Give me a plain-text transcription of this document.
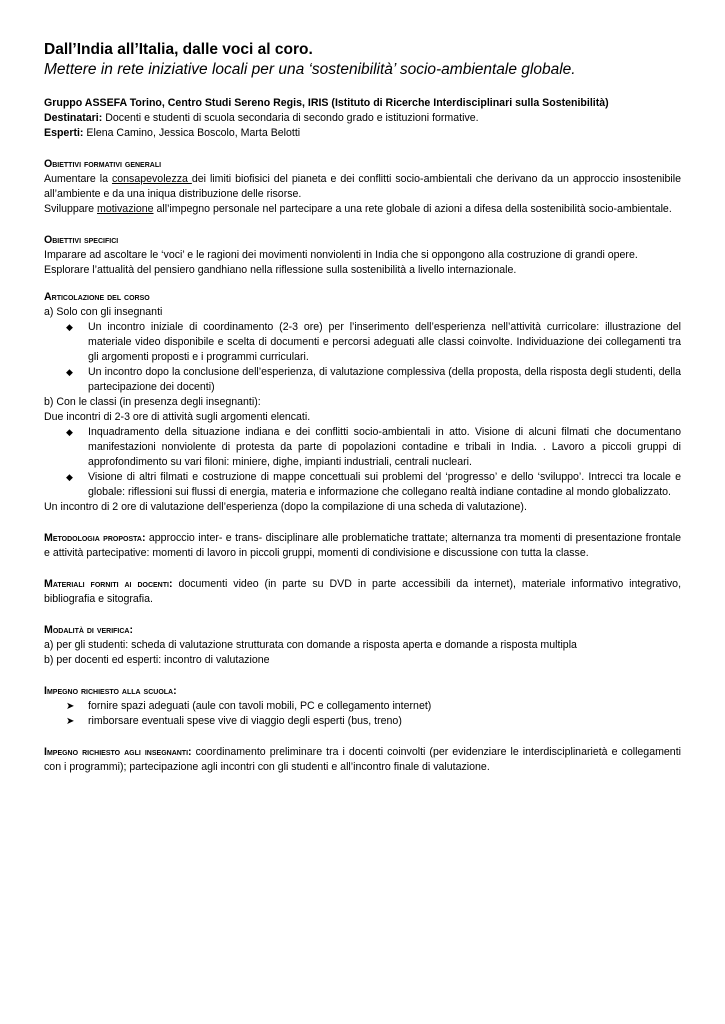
Dall’India all’Italia, dalle voci al coro.

Mettere in rete iniziative locali per una ‘sostenibilità’ socio-ambientale globale.

Gruppo ASSEFA Torino, Centro Studi Sereno Regis, IRIS (Istituto di Ricerche Interdisciplinari sulla Sostenibilità)

Destinatari: Docenti e studenti di scuola secondaria di secondo grado e istituzioni formative.

Esperti: Elena Camino, Jessica Boscolo, Marta Belotti

Obiettivi formativi generali

Aumentare la consapevolezza dei limiti biofisici del pianeta e dei conflitti socio-ambientali che derivano da un approccio insostenibile all’ambiente e da una iniqua distribuzione delle risorse.

Sviluppare motivazione all’impegno personale nel partecipare a una rete globale di azioni a difesa della sostenibilità socio-ambientale.

Obiettivi specifici

Imparare ad ascoltare le ‘voci’ e le ragioni dei movimenti nonviolenti in India che si oppongono alla costruzione di grandi opere.

Esplorare l’attualità del pensiero gandhiano nella riflessione sulla sostenibilità a livello internazionale.

Articolazione del corso

a) Solo con gli insegnanti

◆ Un incontro iniziale di coordinamento (2-3 ore) per l’inserimento dell’esperienza nell’attività curricolare: illustrazione del materiale video disponibile e scelta di documenti e percorsi adeguati alle classi coinvolte. Individuazione dei collegamenti tra gli argomenti proposti e i programmi curriculari.
◆ Un incontro dopo la conclusione dell’esperienza, di valutazione complessiva (della proposta, della risposta degli studenti, della partecipazione dei docenti)

b) Con le classi (in presenza degli insegnanti):

Due incontri di 2-3 ore di attività sugli argomenti elencati.

◆ Inquadramento della situazione indiana e dei conflitti socio-ambientali in atto. Visione di alcuni filmati che documentano manifestazioni nonviolente di protesta da parte di popolazioni contadine e tribali in India. . Lavoro a piccoli gruppi di approfondimento su vari filoni: miniere, dighe, impianti industriali, centrali nucleari.
◆ Visione di altri filmati e costruzione di mappe concettuali sui problemi del ‘progresso’ e dello ‘sviluppo’. Intrecci tra locale e globale: riflessioni sui flussi di energia, materia e informazione che collegano realtà indiane contadine al mondo globalizzato.

Un incontro di 2 ore di valutazione dell’esperienza (dopo la compilazione di una scheda di valutazione).

Metodologia proposta: approccio inter- e trans- disciplinare alle problematiche trattate; alternanza tra momenti di presentazione frontale e attività partecipative: momenti di lavoro in piccoli gruppi, momenti di condivisione e discussione con tutta la classe.

Materiali forniti ai docenti: documenti video (in parte su DVD in parte accessibili da internet), materiale informativo integrativo, bibliografia e sitografia.

Modalità di verifica:

a) per gli studenti: scheda di valutazione strutturata con domande a risposta aperta e domande a risposta multipla

b) per docenti ed esperti: incontro di valutazione

Impegno richiesto alla scuola:

➤ fornire spazi adeguati (aule con tavoli mobili, PC e collegamento internet)
➤ rimborsare eventuali spese vive di viaggio degli esperti (bus, treno)

Impegno richiesto agli insegnanti: coordinamento preliminare tra i docenti coinvolti (per evidenziare le interdisciplinarietà e collegamenti con i programmi); partecipazione agli incontri con gli studenti e all’incontro finale di valutazione.
